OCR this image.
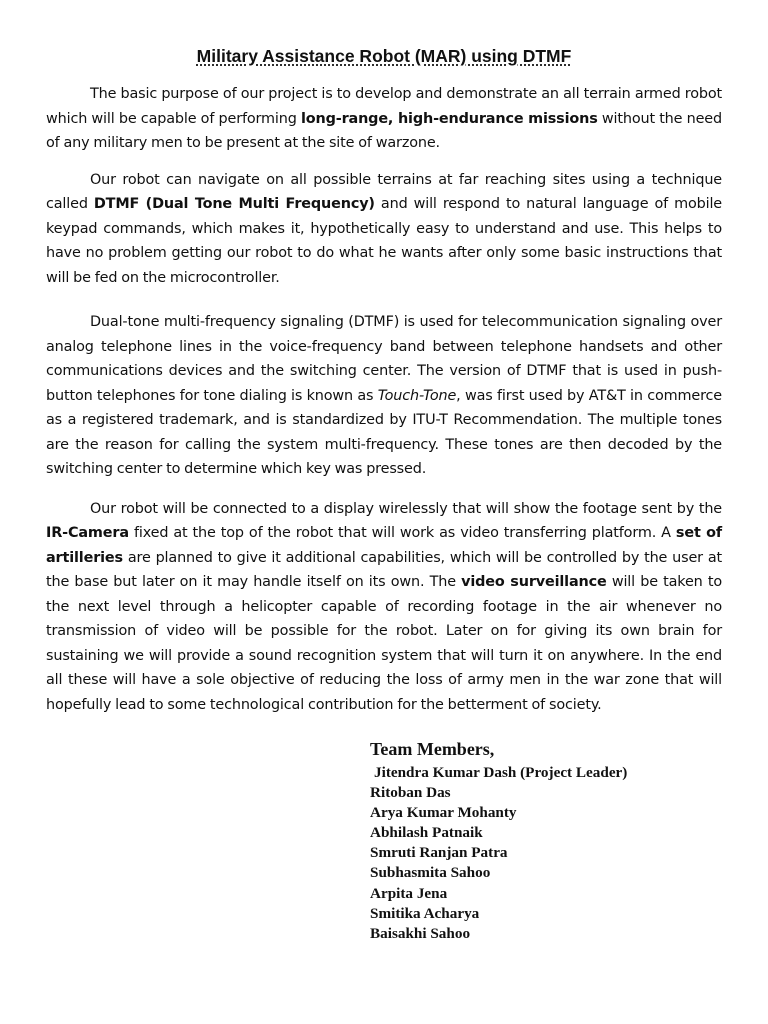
Military Assistance Robot (MAR) using DTMF

The basic purpose of our project is to develop and demonstrate an all terrain armed robot which will be capable of performing long-range, high-endurance missions without the need of any military men to be present at the site of warzone.

Our robot can navigate on all possible terrains at far reaching sites using a technique called DTMF (Dual Tone Multi Frequency) and will respond to natural language of mobile keypad commands, which makes it, hypothetically easy to understand and use. This helps to have no problem getting our robot to do what he wants after only some basic instructions that will be fed on the microcontroller.

Dual-tone multi-frequency signaling (DTMF) is used for telecommunication signaling over analog telephone lines in the voice-frequency band between telephone handsets and other communications devices and the switching center. The version of DTMF that is used in push-button telephones for tone dialing is known as Touch-Tone, was first used by AT&T in commerce as a registered trademark, and is standardized by ITU-T Recommendation. The multiple tones are the reason for calling the system multi-frequency. These tones are then decoded by the switching center to determine which key was pressed.

Our robot will be connected to a display wirelessly that will show the footage sent by the IR-Camera fixed at the top of the robot that will work as video transferring platform. A set of artilleries are planned to give it additional capabilities, which will be controlled by the user at the base but later on it may handle itself on its own. The video surveillance will be taken to the next level through a helicopter capable of recording footage in the air whenever no transmission of video will be possible for the robot. Later on for giving its own brain for sustaining we will provide a sound recognition system that will turn it on anywhere. In the end all these will have a sole objective of reducing the loss of army men in the war zone that will hopefully lead to some technological contribution for the betterment of society.

Team Members,
Jitendra Kumar Dash (Project Leader)
Ritoban Das
Arya Kumar Mohanty
Abhilash Patnaik
Smruti Ranjan Patra
Subhasmita Sahoo
Arpita Jena
Smitika Acharya
Baisakhi Sahoo
